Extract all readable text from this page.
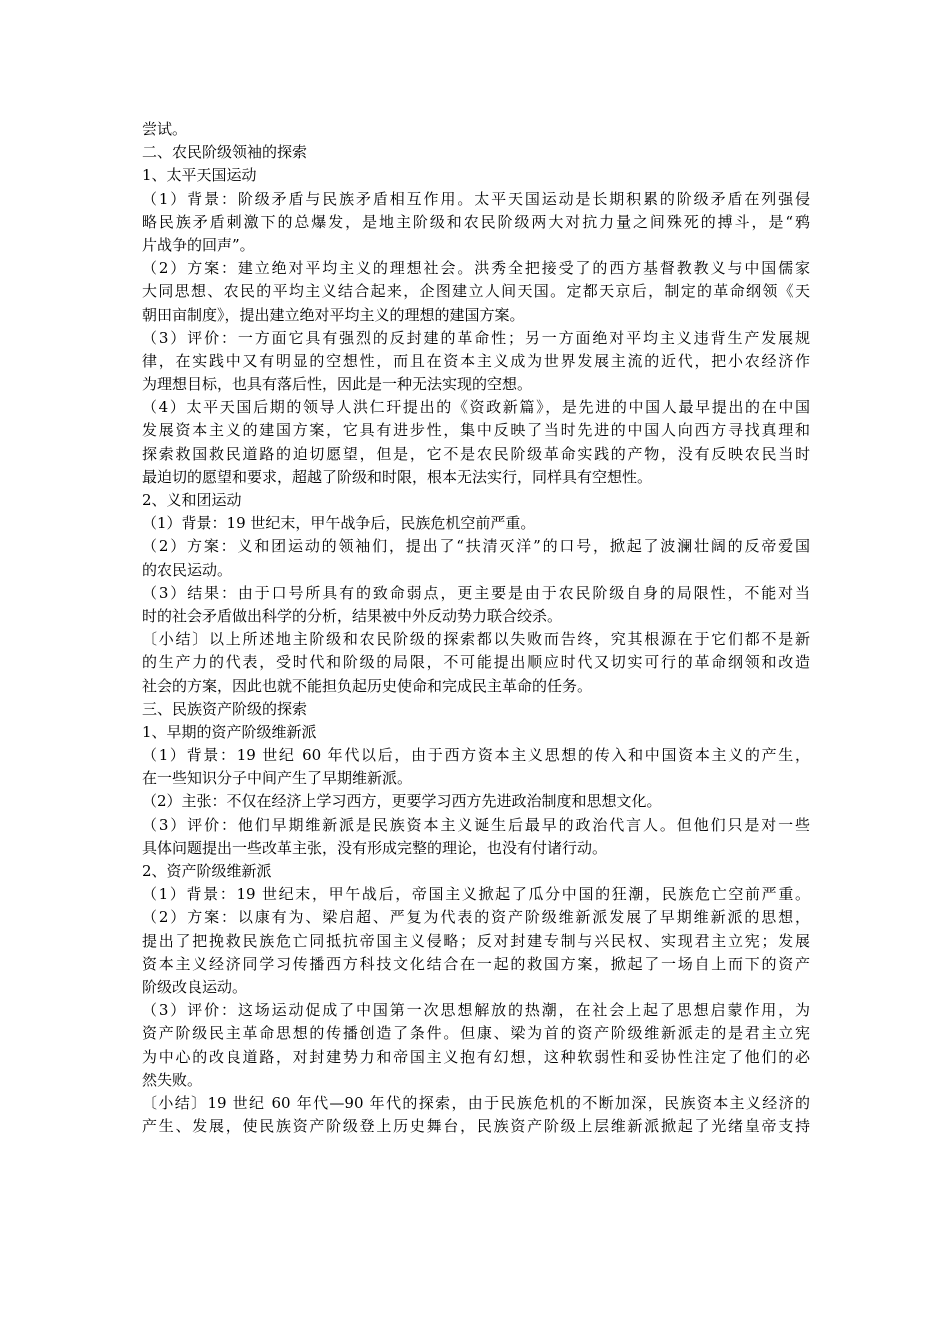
尝试。
二、农民阶级领袖的探索
1、太平天国运动
（1）背景：阶级矛盾与民族矛盾相互作用。太平天国运动是长期积累的阶级矛盾在列强侵
略民族矛盾刺激下的总爆发，是地主阶级和农民阶级两大对抗力量之间殊死的搏斗，是“鸦
片战争的回声”。
（2）方案：建立绝对平均主义的理想社会。洪秀全把接受了的西方基督教教义与中国儒家
大同思想、农民的平均主义结合起来，企图建立人间天国。定都天京后，制定的革命纲领《天
朝田亩制度》，提出建立绝对平均主义的理想的建国方案。
（3）评价：一方面它具有强烈的反封建的革命性；另一方面绝对平均主义违背生产发展规
律，在实践中又有明显的空想性，而且在资本主义成为世界发展主流的近代，把小农经济作
为理想目标，也具有落后性，因此是一种无法实现的空想。
（4）太平天国后期的领导人洪仁玕提出的《资政新篇》，是先进的中国人最早提出的在中国
发展资本主义的建国方案，它具有进步性，集中反映了当时先进的中国人向西方寻找真理和
探索救国救民道路的迫切愿望，但是，它不是农民阶级革命实践的产物，没有反映农民当时
最迫切的愿望和要求，超越了阶级和时限，根本无法实行，同样具有空想性。
2、义和团运动
（1）背景：19 世纪末，甲午战争后，民族危机空前严重。
（2）方案：义和团运动的领袖们，提出了“扶清灭洋”的口号，掀起了波澜壮阔的反帝爱国
的农民运动。
（3）结果：由于口号所具有的致命弱点，更主要是由于农民阶级自身的局限性，不能对当
时的社会矛盾做出科学的分析，结果被中外反动势力联合绞杀。
〔小结〕以上所述地主阶级和农民阶级的探索都以失败而告终，究其根源在于它们都不是新
的生产力的代表，受时代和阶级的局限，不可能提出顺应时代又切实可行的革命纲领和改造
社会的方案，因此也就不能担负起历史使命和完成民主革命的任务。
三、民族资产阶级的探索
1、早期的资产阶级维新派
（1）背景：19 世纪 60 年代以后，由于西方资本主义思想的传入和中国资本主义的产生，
在一些知识分子中间产生了早期维新派。
（2）主张：不仅在经济上学习西方，更要学习西方先进政治制度和思想文化。
（3）评价：他们早期维新派是民族资本主义诞生后最早的政治代言人。但他们只是对一些
具体问题提出一些改革主张，没有形成完整的理论，也没有付诸行动。
2、资产阶级维新派
（1）背景：19 世纪末，甲午战后，帝国主义掀起了瓜分中国的狂潮，民族危亡空前严重。
（2）方案：以康有为、梁启超、严复为代表的资产阶级维新派发展了早期维新派的思想，
提出了把挽救民族危亡同抵抗帝国主义侵略；反对封建专制与兴民权、实现君主立宪；发展
资本主义经济同学习传播西方科技文化结合在一起的救国方案，掀起了一场自上而下的资产
阶级改良运动。
（3）评价：这场运动促成了中国第一次思想解放的热潮，在社会上起了思想启蒙作用，为
资产阶级民主革命思想的传播创造了条件。但康、梁为首的资产阶级维新派走的是君主立宪
为中心的改良道路，对封建势力和帝国主义抱有幻想，这种软弱性和妥协性注定了他们的必
然失败。
〔小结〕19 世纪 60 年代—90 年代的探索，由于民族危机的不断加深，民族资本主义经济的
产生、发展，使民族资产阶级登上历史舞台，民族资产阶级上层维新派掀起了光绪皇帝支持
